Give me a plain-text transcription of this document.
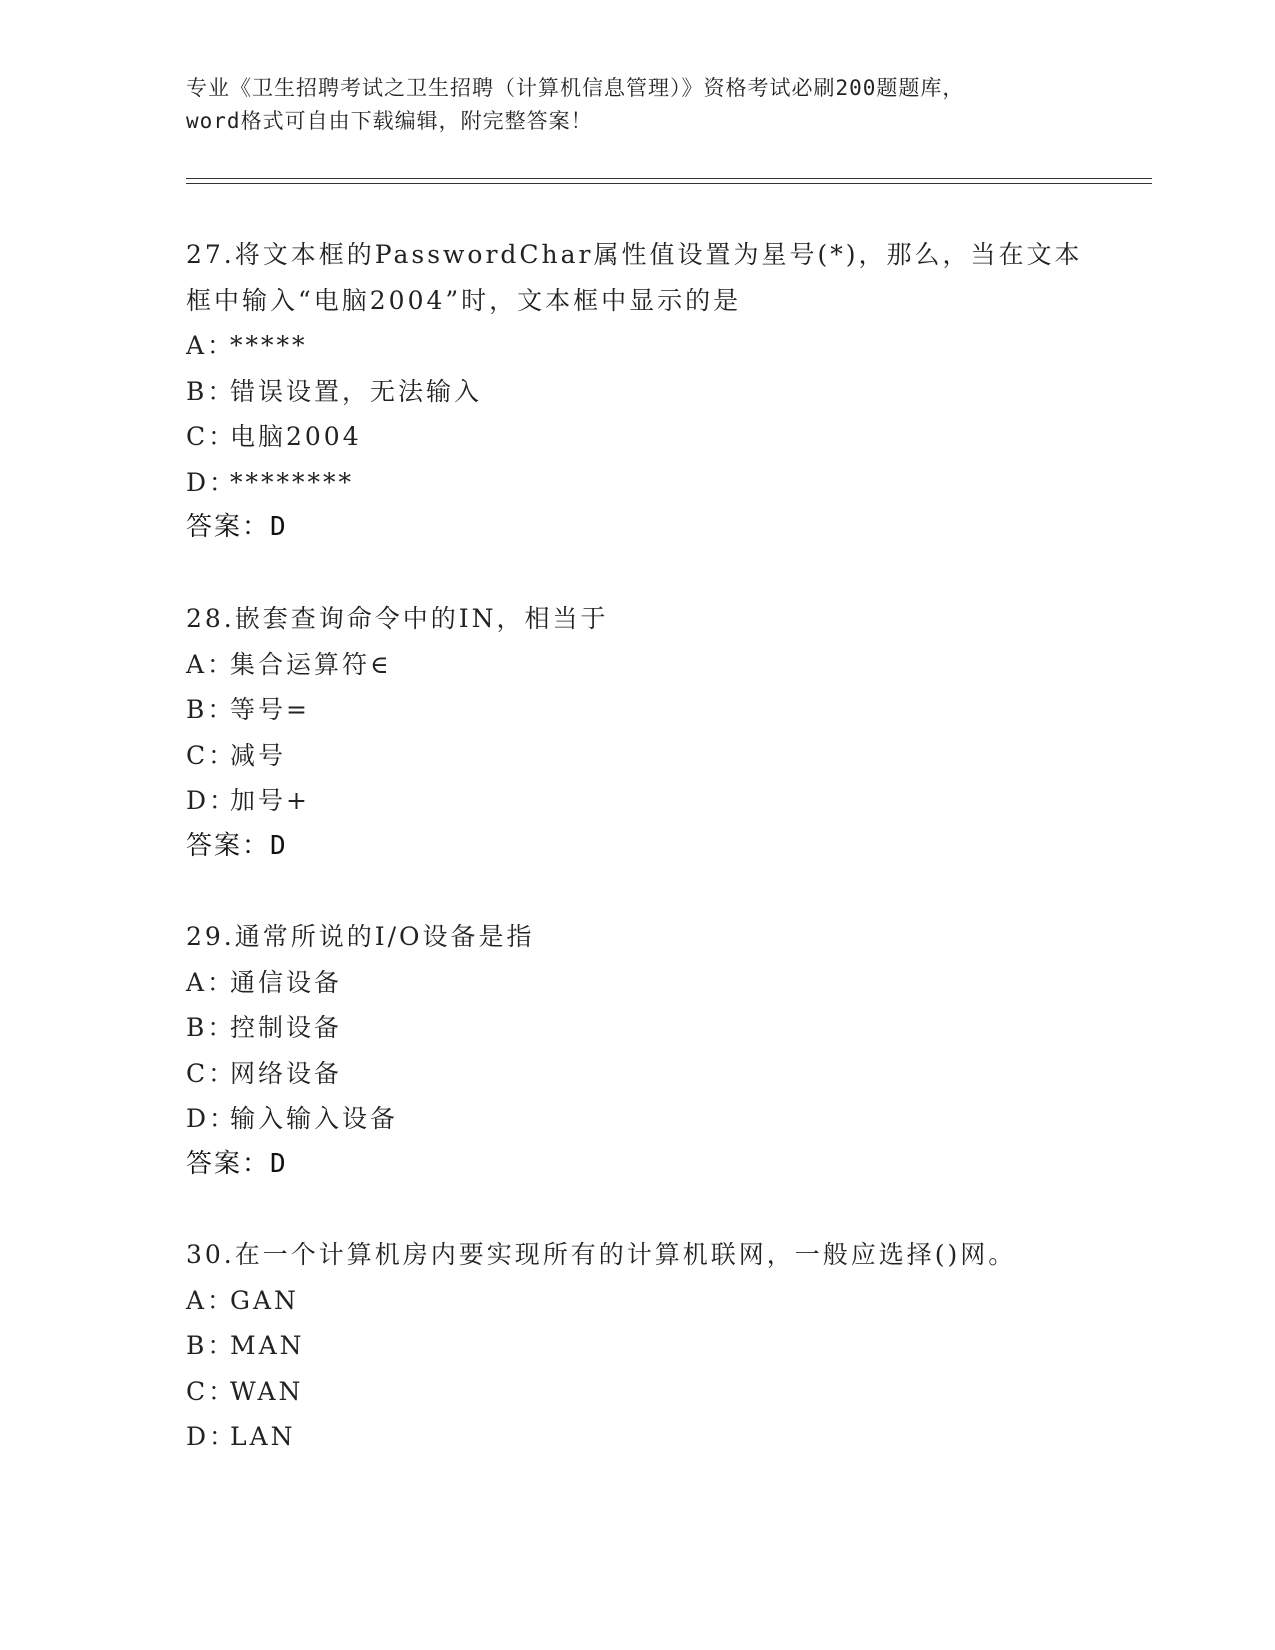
专业《卫生招聘考试之卫生招聘（计算机信息管理）》资格考试必刷200题题库，
word格式可自由下载编辑，附完整答案！
27.将文本框的PasswordChar属性值设置为星号(*)，那么，当在文本
框中输入“电脑2004”时，文本框中显示的是
A：
*****
B：
错误设置，无法输入
C：
电脑2004
D：
********
答案：D
28.嵌套查询命令中的IN，相当于
A：
集合运算符∈
B：
等号=
C：
减号
D：
加号+
答案：D
29.通常所说的I/O设备是指
A：
通信设备
B：
控制设备
C：
网络设备
D：
输入输入设备
答案：D
30.在一个计算机房内要实现所有的计算机联网，一般应选择()网。
A：
GAN
B：
MAN
C：
WAN
D：
LAN
